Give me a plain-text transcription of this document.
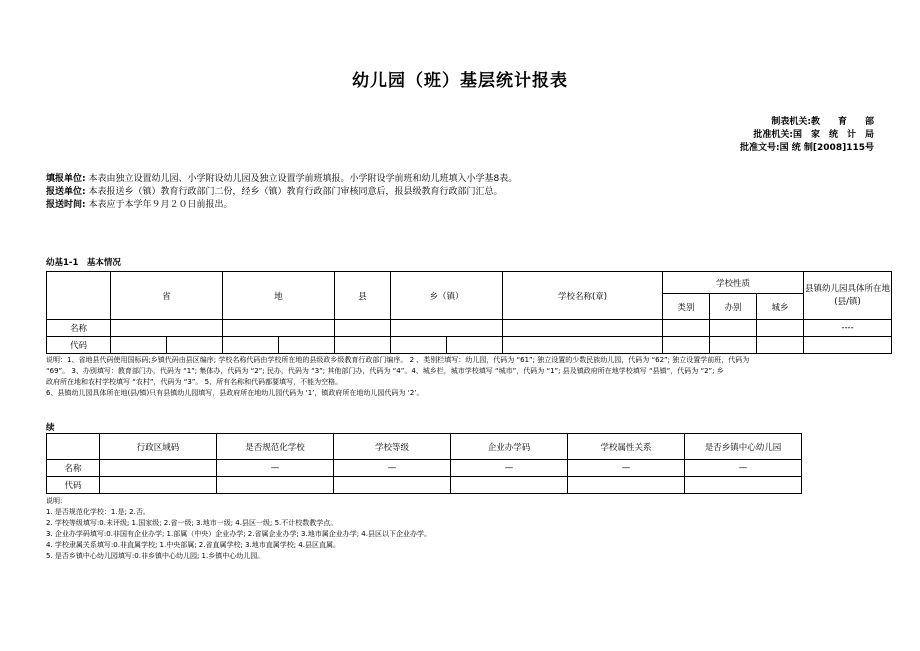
幼儿园（班）基层统计报表
制表机关:教　　育　　部
批准机关:国　家　统　计　局
批准文号:国 统 制[2008]115号
填报单位: 本表由独立设置幼儿园、小学附设幼儿园及独立设置学前班填报。小学附设学前班和幼儿班填入小学基8表。
报送单位: 本表报送乡（镇）教育行政部门二份，经乡（镇）教育行政部门审核同意后，报县级教育行政部门汇总。
报送时间: 本表应于本学年９月２０日前报出。
幼基1-1　基本情况
	省		地		县	乡（镇）		学校名称(章)	学校性质			县镇幼儿园具体所在地(县/镇)
									类别	办别	城乡	
名称												----
代码												
说明：1、省地县代码使用国标码;乡镇代码由县区编序; 学校名称代码由学校所在地的县级政乡级教育行政部门编序。 2 、类别栏填写：幼儿园，代码为 “61”; 独立设置的少数民族幼儿园，代码为 “62”; 独立设置学前班，代码为
“69”。 3、办别填写：教育部门办，代码为 “1”; 集体办，代码为 “2”; 民办，代码为 “3”; 其他部门办，代码为 “4”。4、城乡栏，城市学校填写 “城市”，代码为 “1”; 县及镇政府所在地学校填写 “县镇”，代码为 “2”; 乡
政府所在地和农村学校填写 “农村”，代码为 “3”。 5、所有名称和代码都要填写，不能为空格。
6、县镇幼儿园具体所在地(县/镇)只有县镇幼儿园填写，县政府所在地幼儿园代码为 ‘1’，镇政府所在地幼儿园代码为 ‘2’。
续
	行政区域码	是否规范化学校	学校等级	企业办学码	学校属性关系	是否乡镇中心幼儿园
名称		—	—	—	—	—
代码						
说明:
1. 是否规范化学校：1.是; 2.否。
2. 学校等级填写:0.未评级; 1.国家级; 2.省一级; 3.地市一级; 4.县区一级; 5.不计校数教学点。
3. 企业办学码填写:0.非国有企业办学; 1.部属（中央）企业办学; 2.省属企业办学; 3.地市属企业办学; 4.县区以下企业办学。
4. 学校隶属关系填写:0.非直属学校; 1.中央部属; 2.省直属学校; 3.地市直属学校; 4.县区直属。
5. 是否乡镇中心幼儿园填写:0.非乡镇中心幼儿园; 1.乡镇中心幼儿园。
